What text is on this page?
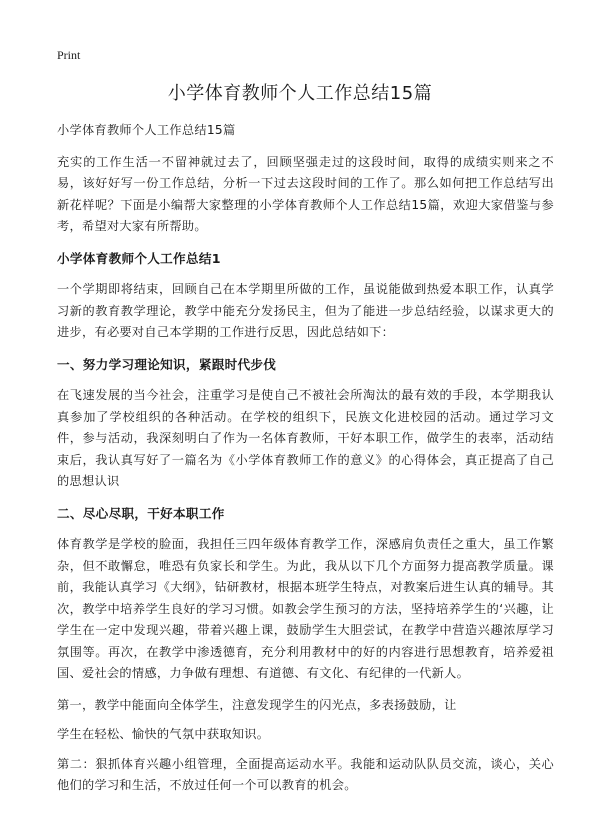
Print
小学体育教师个人工作总结15篇

小学体育教师个人工作总结15篇

充实的工作生活一不留神就过去了，回顾坚强走过的这段时间，取得的成绩实则来之不易，该好好写一份工作总结，分析一下过去这段时间的工作了。那么如何把工作总结写出新花样呢？下面是小编帮大家整理的小学体育教师个人工作总结15篇，欢迎大家借鉴与参考，希望对大家有所帮助。

小学体育教师个人工作总结1

一个学期即将结束，回顾自己在本学期里所做的工作，虽说能做到热爱本职工作，认真学习新的教育教学理论，教学中能充分发扬民主，但为了能进一步总结经验，以谋求更大的进步，有必要对自己本学期的工作进行反思，因此总结如下：

一、努力学习理论知识，紧跟时代步伐

在飞速发展的当今社会，注重学习是使自己不被社会所淘汰的最有效的手段，本学期我认真参加了学校组织的各种活动。在学校的组织下，民族文化进校园的活动。通过学习文件，参与活动，我深刻明白了作为一名体育教师，干好本职工作，做学生的表率，活动结束后，我认真写好了一篇名为《小学体育教师工作的意义》的心得体会，真正提高了自己的思想认识

二、尽心尽职，干好本职工作

体育教学是学校的脸面，我担任三四年级体育教学工作，深感肩负责任之重大，虽工作繁杂，但不敢懈怠，唯恐有负家长和学生。为此，我从以下几个方面努力提高教学质量。课前，我能认真学习《大纲》，钻研教材，根据本班学生特点，对教案后进生认真的辅导。其次，教学中培养学生良好的学习习惯。如教会学生预习的方法，坚持培养学生的‘兴趣，让学生在一定中发现兴趣，带着兴趣上课，鼓励学生大胆尝试，在教学中营造兴趣浓厚学习氛围等。再次，在教学中渗透德育，充分利用教材中的好的内容进行思想教育，培养爱祖国、爱社会的情感，力争做有理想、有道德、有文化、有纪律的一代新人。

第一，教学中能面向全体学生，注意发现学生的闪光点，多表扬鼓励，让

学生在轻松、愉快的气氛中获取知识。

第二：狠抓体育兴趣小组管理，全面提高运动水平。我能和运动队队员交流，谈心，关心他们的学习和生活，不放过任何一个可以教育的机会。
